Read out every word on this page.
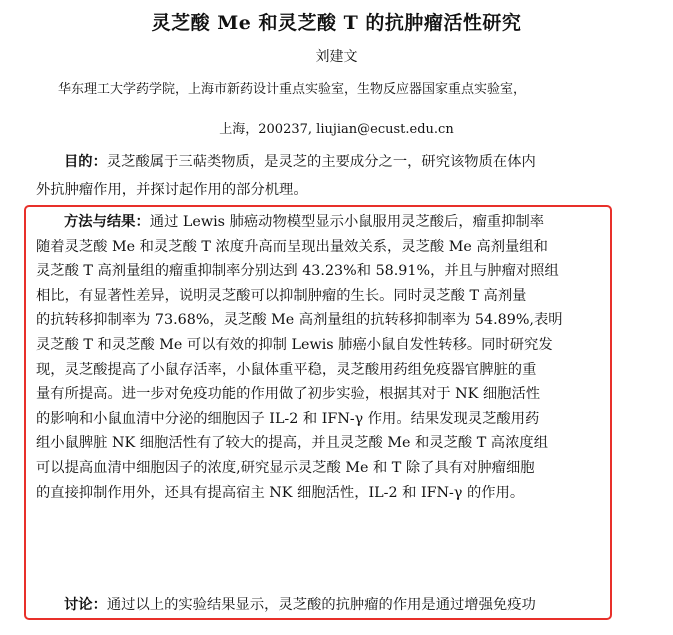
灵芝酸 Me 和灵芝酸 T 的抗肿瘤活性研究
刘建文
华东理工大学药学院，上海市新药设计重点实验室，生物反应器国家重点实验室，
上海，200237, liujian@ecust.edu.cn
目的：灵芝酸属于三萜类物质，是灵芝的主要成分之一，研究该物质在体内
外抗肿瘤作用，并探讨起作用的部分机理。
方法与结果：通过 Lewis 肺癌动物模型显示小鼠服用灵芝酸后，瘤重抑制率
随着灵芝酸 Me 和灵芝酸 T 浓度升高而呈现出量效关系，灵芝酸 Me 高剂量组和
灵芝酸 T 高剂量组的瘤重抑制率分别达到 43.23%和 58.91%，并且与肿瘤对照组
相比，有显著性差异，说明灵芝酸可以抑制肿瘤的生长。同时灵芝酸 T 高剂量
的抗转移抑制率为 73.68%，灵芝酸 Me 高剂量组的抗转移抑制率为 54.89%,表明
灵芝酸 T 和灵芝酸 Me 可以有效的抑制 Lewis 肺癌小鼠自发性转移。同时研究发
现，灵芝酸提高了小鼠存活率，小鼠体重平稳，灵芝酸用药组免疫器官脾脏的重
量有所提高。进一步对免疫功能的作用做了初步实验，根据其对于 NK 细胞活性
的影响和小鼠血清中分泌的细胞因子 IL-2 和 IFN-γ 作用。结果发现灵芝酸用药
组小鼠脾脏 NK 细胞活性有了较大的提高，并且灵芝酸 Me 和灵芝酸 T 高浓度组
可以提高血清中细胞因子的浓度,研究显示灵芝酸 Me 和 T 除了具有对肿瘤细胞
的直接抑制作用外，还具有提高宿主 NK 细胞活性，IL-2 和 IFN-γ 的作用。
讨论：通过以上的实验结果显示，灵芝酸的抗肿瘤的作用是通过增强免疫功
